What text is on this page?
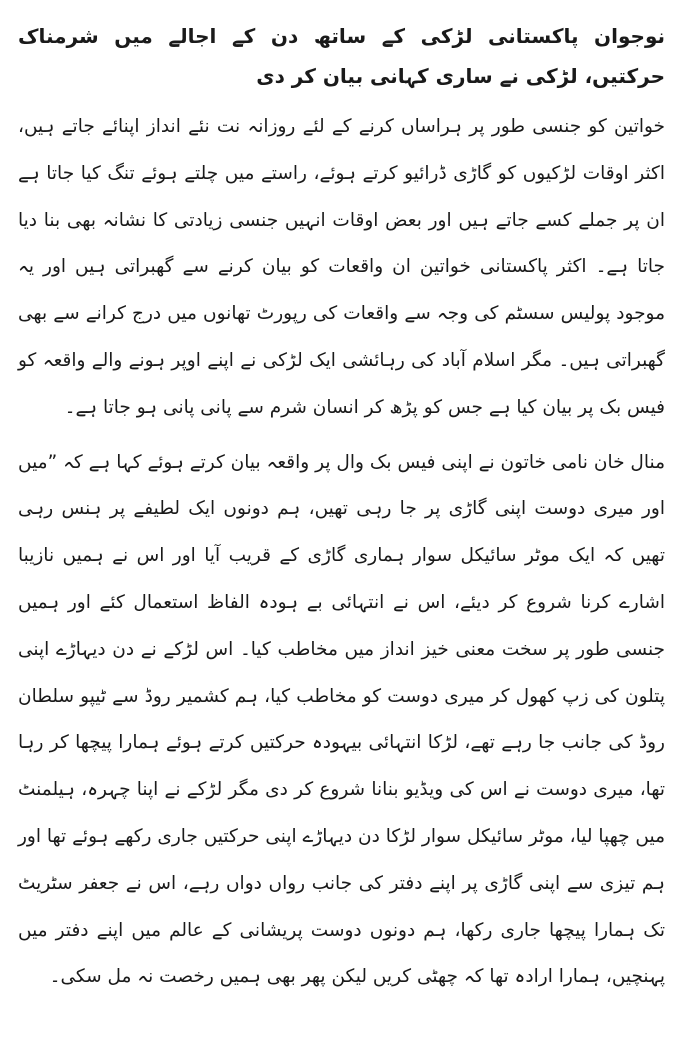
نوجوان پاکستانی لڑکی کے ساتھ دن کے اجالے میں شرمناک حرکتیں، لڑکی نے ساری کہانی بیان کر دی

خواتین کو جنسی طور پر ہراساں کرنے کے لئے روزانہ نت نئے انداز اپنائے جاتے ہیں، اکثر اوقات لڑکیوں کو گاڑی ڈرائیو کرتے ہوئے، راستے میں چلتے ہوئے تنگ کیا جاتا ہے ان پر جملے کسے جاتے ہیں اور بعض اوقات انہیں جنسی زیادتی کا نشانہ بھی بنا دیا جاتا ہے۔ اکثر پاکستانی خواتین ان واقعات کو بیان کرنے سے گھبراتی ہیں اور یہ موجود پولیس سسٹم کی وجہ سے واقعات کی رپورٹ تھانوں میں درج کرانے سے بھی گھبراتی ہیں۔ مگر اسلام آباد کی رہائشی ایک لڑکی نے اپنے اوپر ہونے والے واقعہ کو فیس بک پر بیان کیا ہے جس کو پڑھ کر انسان شرم سے پانی پانی ہو جاتا ہے۔

منال خان نامی خاتون نے اپنی فیس بک وال پر واقعہ بیان کرتے ہوئے کہا ہے کہ ”میں اور میری دوست اپنی گاڑی پر جا رہی تھیں، ہم دونوں ایک لطیفے پر ہنس رہی تھیں کہ ایک موٹر سائیکل سوار ہماری گاڑی کے قریب آیا اور اس نے ہمیں نازیبا اشارے کرنا شروع کر دیئے، اس نے انتہائی بے ہودہ الفاظ استعمال کئے اور ہمیں جنسی طور پر سخت معنی خیز انداز میں مخاطب کیا۔ اس لڑکے نے دن دیہاڑے اپنی پتلون کی زپ کھول کر میری دوست کو مخاطب کیا، ہم کشمیر روڈ سے ٹیپو سلطان روڈ کی جانب جا رہے تھے، لڑکا انتہائی بیہودہ حرکتیں کرتے ہوئے ہمارا پیچھا کر رہا تھا، میری دوست نے اس کی ویڈیو بنانا شروع کر دی مگر لڑکے نے اپنا چہرہ، ہیلمنٹ میں چھپا لیا، موٹر سائیکل سوار لڑکا دن دیہاڑے اپنی حرکتیں جاری رکھے ہوئے تھا اور ہم تیزی سے اپنی گاڑی پر اپنے دفتر کی جانب رواں دواں رہے، اس نے جعفر سٹریٹ تک ہمارا پیچھا جاری رکھا، ہم دونوں دوست پریشانی کے عالم میں اپنے دفتر میں پہنچیں، ہمارا ارادہ تھا کہ چھٹی کریں لیکن پھر بھی ہمیں رخصت نہ مل سکی۔
